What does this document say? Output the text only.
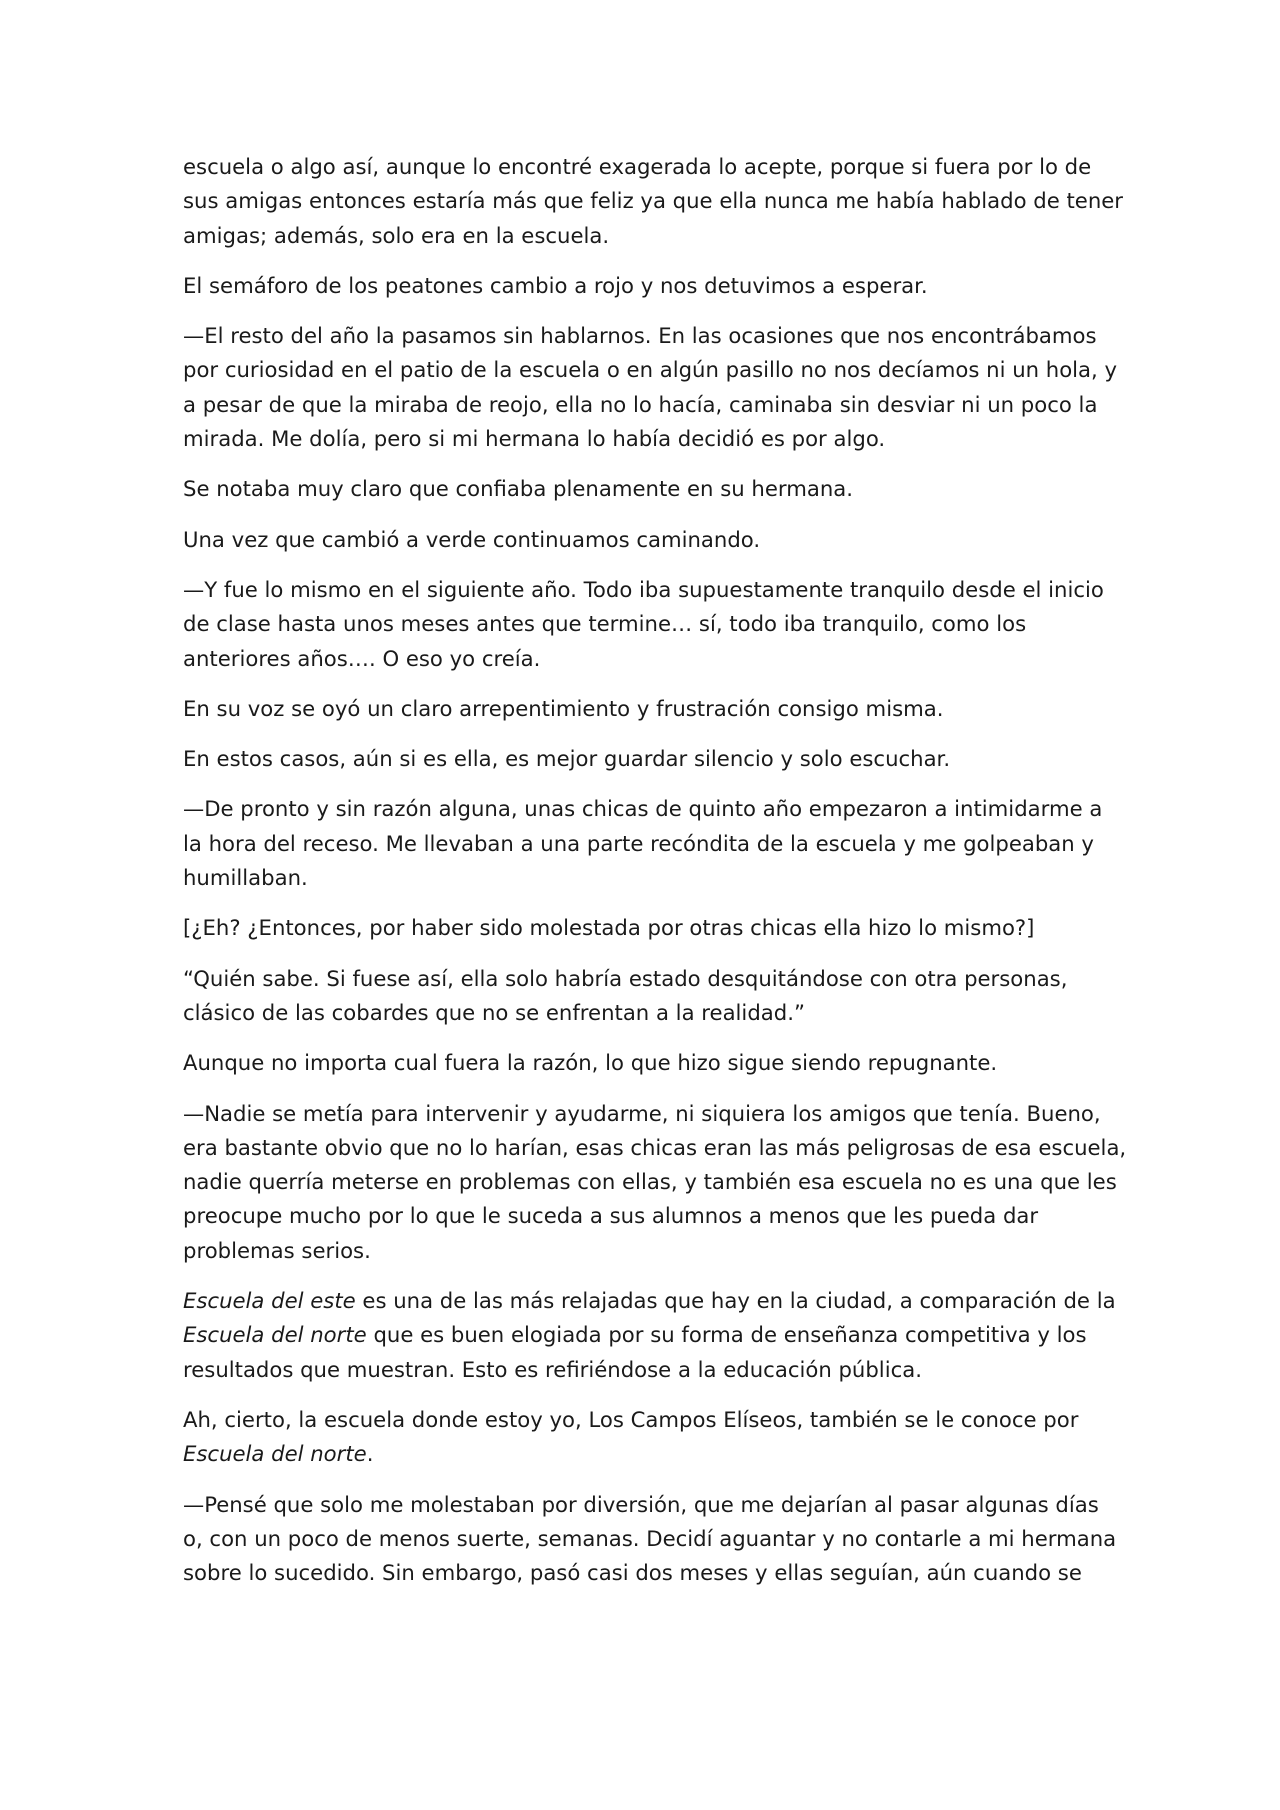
escuela o algo así, aunque lo encontré exagerada lo acepte, porque si fuera por lo de
sus amigas entonces estaría más que feliz ya que ella nunca me había hablado de tener
amigas; además, solo era en la escuela.

El semáforo de los peatones cambio a rojo y nos detuvimos a esperar.

—El resto del año la pasamos sin hablarnos. En las ocasiones que nos encontrábamos
por curiosidad en el patio de la escuela o en algún pasillo no nos decíamos ni un hola, y
a pesar de que la miraba de reojo, ella no lo hacía, caminaba sin desviar ni un poco la
mirada. Me dolía, pero si mi hermana lo había decidió es por algo.

Se notaba muy claro que confiaba plenamente en su hermana.

Una vez que cambió a verde continuamos caminando.

—Y fue lo mismo en el siguiente año. Todo iba supuestamente tranquilo desde el inicio
de clase hasta unos meses antes que termine… sí, todo iba tranquilo, como los
anteriores años…. O eso yo creía.

En su voz se oyó un claro arrepentimiento y frustración consigo misma.

En estos casos, aún si es ella, es mejor guardar silencio y solo escuchar.

—De pronto y sin razón alguna, unas chicas de quinto año empezaron a intimidarme a
la hora del receso. Me llevaban a una parte recóndita de la escuela y me golpeaban y
humillaban.

[¿Eh? ¿Entonces, por haber sido molestada por otras chicas ella hizo lo mismo?]

“Quién sabe. Si fuese así, ella solo habría estado desquitándose con otra personas,
clásico de las cobardes que no se enfrentan a la realidad.”

Aunque no importa cual fuera la razón, lo que hizo sigue siendo repugnante.

—Nadie se metía para intervenir y ayudarme, ni siquiera los amigos que tenía. Bueno,
era bastante obvio que no lo harían, esas chicas eran las más peligrosas de esa escuela,
nadie querría meterse en problemas con ellas, y también esa escuela no es una que les
preocupe mucho por lo que le suceda a sus alumnos a menos que les pueda dar
problemas serios.

Escuela del este es una de las más relajadas que hay en la ciudad, a comparación de la
Escuela del norte que es buen elogiada por su forma de enseñanza competitiva y los
resultados que muestran. Esto es refiriéndose a la educación pública.

Ah, cierto, la escuela donde estoy yo, Los Campos Elíseos, también se le conoce por
Escuela del norte.

—Pensé que solo me molestaban por diversión, que me dejarían al pasar algunas días
o, con un poco de menos suerte, semanas. Decidí aguantar y no contarle a mi hermana
sobre lo sucedido. Sin embargo, pasó casi dos meses y ellas seguían, aún cuando se
